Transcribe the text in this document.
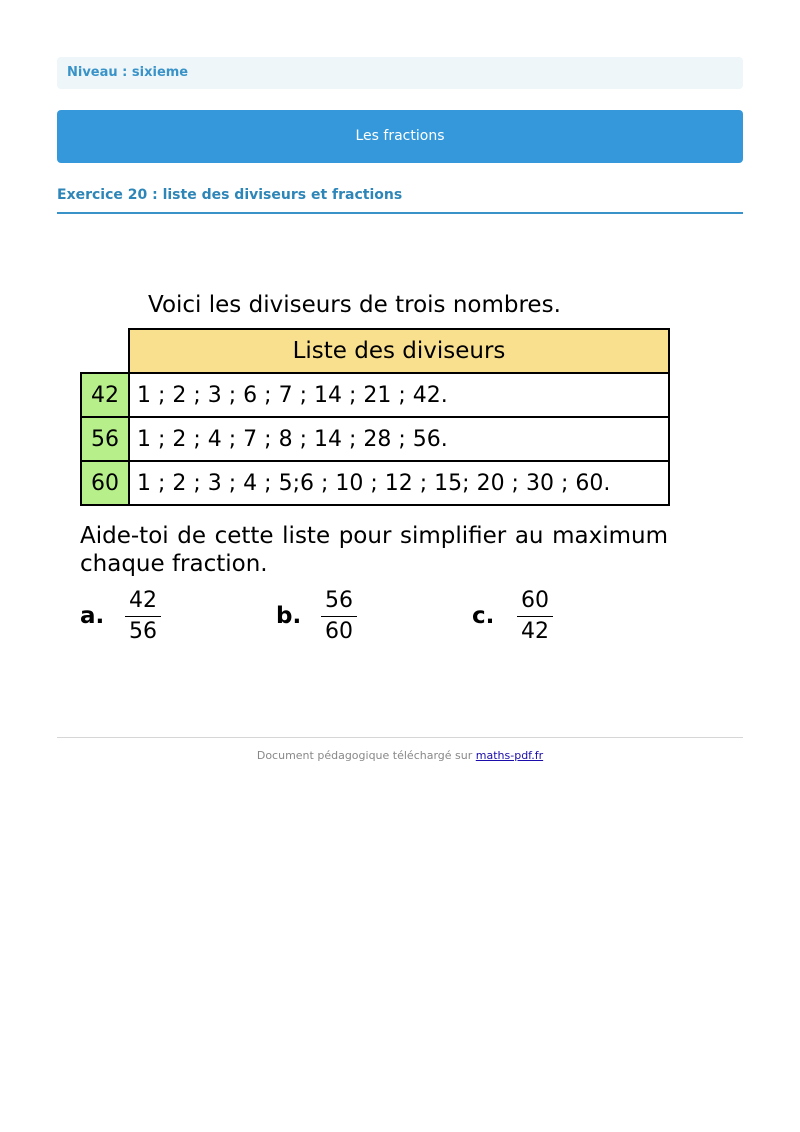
Niveau : sixieme
Les fractions
Exercice 20 : liste des diviseurs et fractions
Voici les diviseurs de trois nombres.
	Liste des diviseurs
42	1 ; 2 ; 3 ; 6 ; 7 ; 14 ; 21 ; 42.
56	1 ; 2 ; 4 ; 7 ; 8 ; 14 ; 28 ; 56.
60	1 ; 2 ; 3 ; 4 ; 5;6 ; 10 ; 12 ; 15; 20 ; 30 ; 60.
Aide-toi de cette liste pour simplifier au maximum chaque fraction.
a.
42
56
b.
56
60
c.
60
42
Document pédagogique téléchargé sur maths-pdf.fr
